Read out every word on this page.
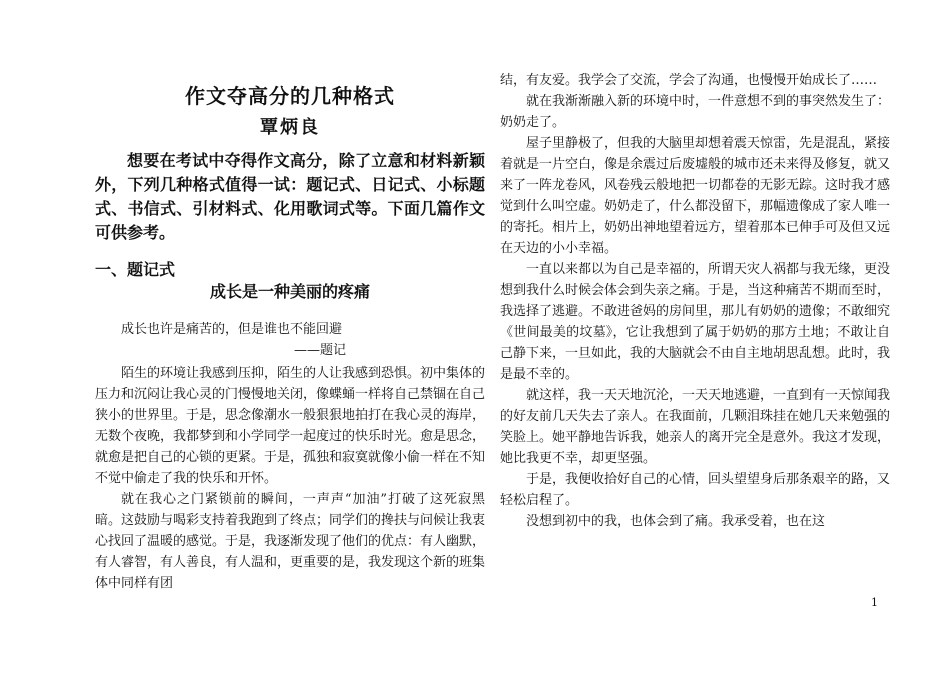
作文夺高分的几种格式
覃炳良
想要在考试中夺得作文高分，除了立意和材料新颖外，下列几种格式值得一试：题记式、日记式、小标题式、书信式、引材料式、化用歌词式等。下面几篇作文可供参考。
一、题记式
成长是一种美丽的疼痛
成长也许是痛苦的，但是谁也不能回避
——题记

陌生的环境让我感到压抑，陌生的人让我感到恐惧。初中集体的压力和沉闷让我心灵的门慢慢地关闭，像蝶蛹一样将自己禁锢在自己狭小的世界里。于是，思念像潮水一般狠狠地拍打在我心灵的海岸，无数个夜晚，我都梦到和小学同学一起度过的快乐时光。愈是思念，就愈是把自己的心锁的更紧。于是，孤独和寂寞就像小偷一样在不知不觉中偷走了我的快乐和开怀。

就在我心之门紧锁前的瞬间，一声声“加油”打破了这死寂黑暗。这鼓励与喝彩支持着我跑到了终点；同学们的搀扶与问候让我衷心找回了温暖的感觉。于是，我逐渐发现了他们的优点：有人幽默，有人睿智，有人善良，有人温和，更重要的是，我发现这个新的班集体中同样有团

结，有友爱。我学会了交流，学会了沟通，也慢慢开始成长了……

就在我渐渐融入新的环境中时，一件意想不到的事突然发生了：奶奶走了。

屋子里静极了，但我的大脑里却想着震天惊雷，先是混乱，紧接着就是一片空白，像是余震过后废墟般的城市还未来得及修复，就又来了一阵龙卷风，风卷残云般地把一切都卷的无影无踪。这时我才感觉到什么叫空虚。奶奶走了，什么都没留下，那幅遗像成了家人唯一的寄托。相片上，奶奶出神地望着远方，望着那本已伸手可及但又远在天边的小小幸福。

一直以来都以为自己是幸福的，所谓天灾人祸都与我无缘，更没想到我什么时候会体会到失亲之痛。于是，当这种痛苦不期而至时，我选择了逃避。不敢进爸妈的房间里，那儿有奶奶的遗像；不敢细究《世间最美的坟墓》，它让我想到了属于奶奶的那方土地；不敢让自己静下来，一旦如此，我的大脑就会不由自主地胡思乱想。此时，我是最不幸的。

就这样，我一天天地沉沦，一天天地逃避，一直到有一天惊闻我的好友前几天失去了亲人。在我面前，几颗泪珠挂在她几天来勉强的笑脸上。她平静地告诉我，她亲人的离开完全是意外。我这才发现，她比我更不幸，却更坚强。

于是，我便收拾好自己的心情，回头望望身后那条艰辛的路，又轻松启程了。

没想到初中的我，也体会到了痛。我承受着，也在这

1
